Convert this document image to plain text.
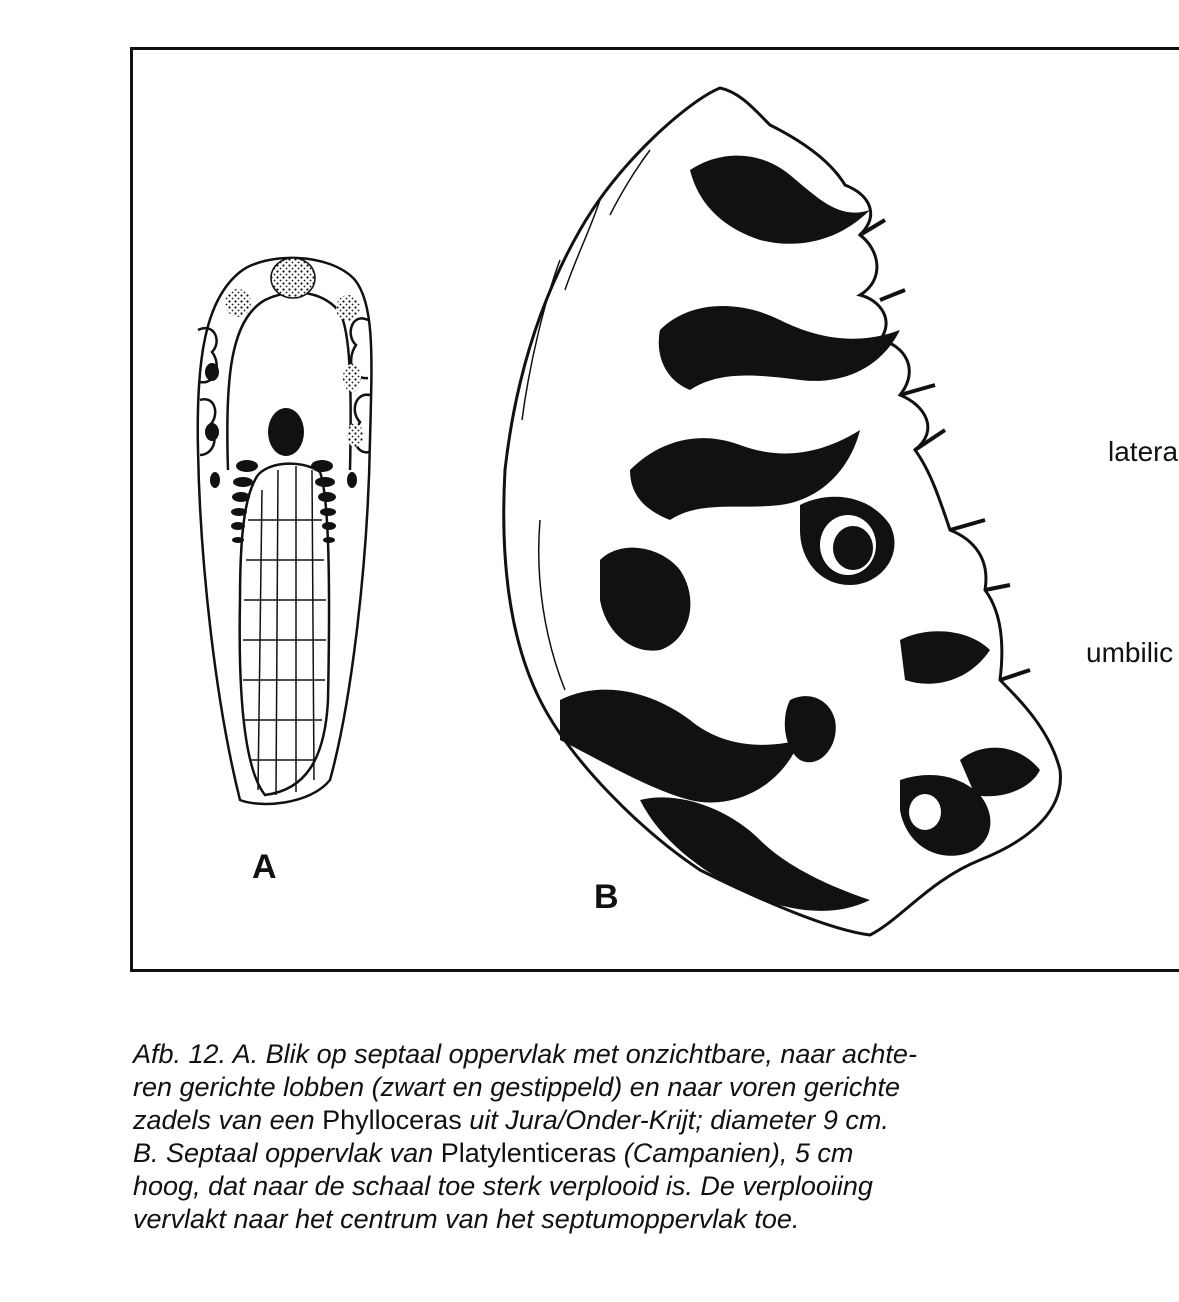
A
B
latera
umbilic
Afb. 12. A. Blik op septaal oppervlak met onzichtbare, naar achte-
ren gerichte lobben (zwart en gestippeld) en naar voren gerichte
zadels van een Phylloceras uit Jura/Onder-Krijt; diameter 9 cm.
B. Septaal oppervlak van Platylenticeras (Campanien), 5 cm
hoog, dat naar de schaal toe sterk verplooid is. De verplooiing
vervlakt naar het centrum van het septumoppervlak toe.
